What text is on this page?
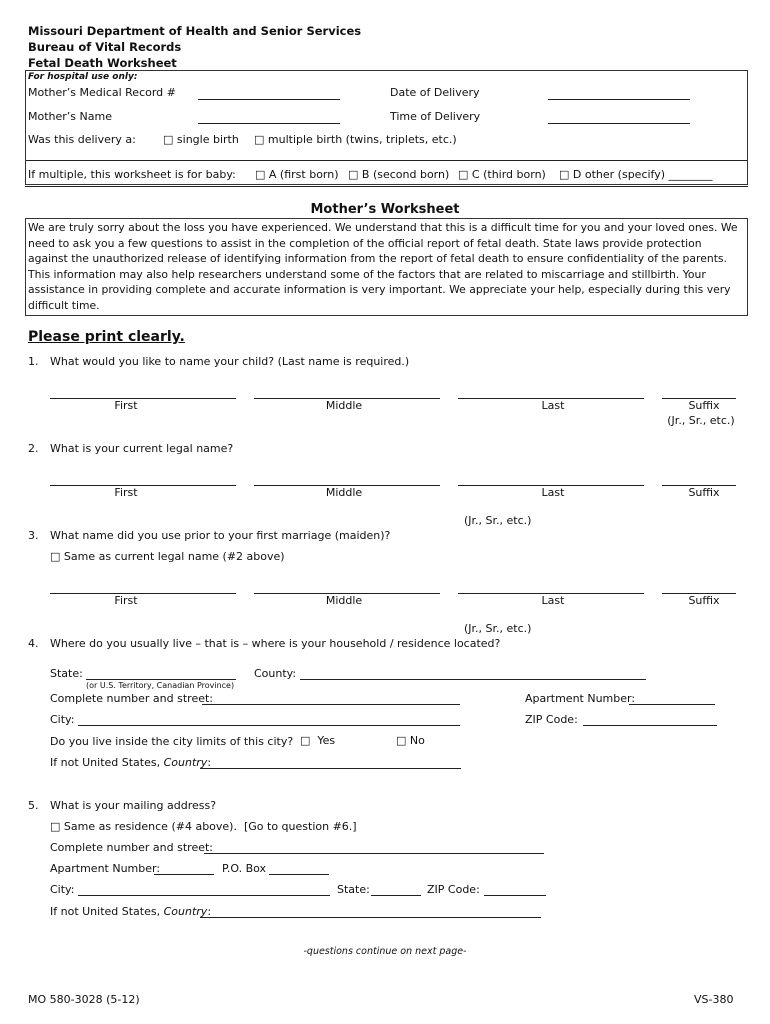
Missouri Department of Health and Senior Services
Bureau of Vital Records
Fetal Death Worksheet
For hospital use only:
Mother’s Medical Record #	Date of Delivery
Mother’s Name	Time of Delivery
Was this delivery a: □	single birth □	multiple birth (twins, triplets, etc.)
If multiple, this worksheet is for baby: □	A (first born) □	B (second born) □	C (third born) □	D other (specify) ________
Mother’s Worksheet
We are truly sorry about the loss you have experienced. We understand that this is a difficult time for you and your loved ones. We need to ask you a few questions to assist in the completion of the official report of fetal death. State laws provide protection against the unauthorized release of identifying information from the report of fetal death to ensure confidentiality of the parents. This information may also help researchers understand some of the factors that are related to miscarriage and stillbirth. Your assistance in providing complete and accurate information is very important. We appreciate your help, especially during this very difficult time.
Please print clearly.
1. What would you like to name your child? (Last name is required.)
First	Middle	Last	Suffix
(Jr., Sr., etc.)
2. What is your current legal name?
First	Middle	Last	Suffix
(Jr., Sr., etc.)
3. What name did you use prior to your first marriage (maiden)?
□ Same as current legal name (#2 above)
First	Middle	Last	Suffix
(Jr., Sr., etc.)
4. Where do you usually live – that is – where is your household / residence located?
State:
(or U.S. Territory, Canadian Province)
County:
Complete number and street:	Apartment Number:
City:	ZIP Code:
Do you live inside the city limits of this city? □	Yes □	No
If not United States, Country:
5. What is your mailing address?
□ Same as residence (#4 above). [Go to question #6.]
Complete number and street:
Apartment Number:	P.O. Box
City:	State:	ZIP Code:
If not United States, Country:
-questions continue on next page-
MO 580-3028 (5-12)	VS-380
